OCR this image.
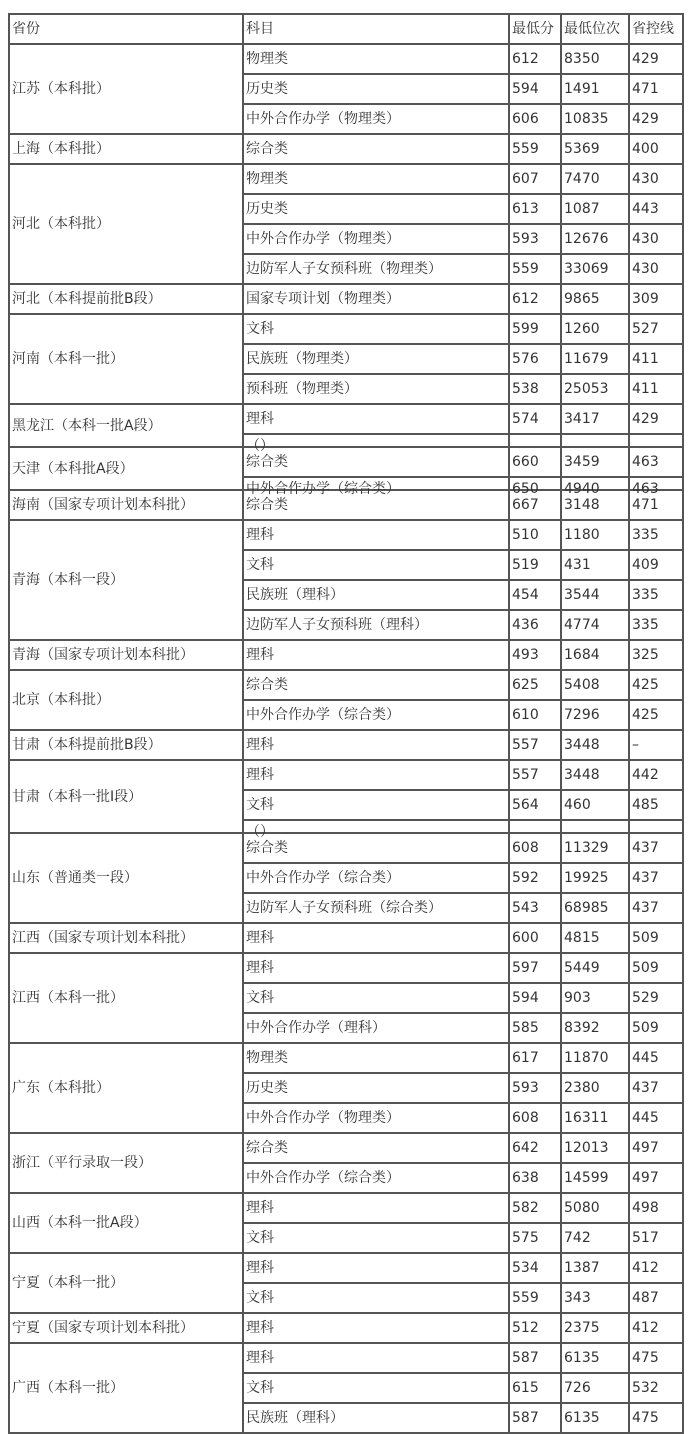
省份	科目	最低分	最低位次	省控线
江苏（本科批）	物理类	612	8350	429

	历史类	594	1491	471

	中外合作办学（物理类）	606	10835	429

上海（本科批）	综合类	559	5369	400

河北（本科批）	物理类	607	7470	430

	历史类	613	1087	443

	中外合作办学（物理类）	593	12676	430

	边防军人子女预科班（物理类）	559	33069	430

河北（本科提前批B段）	国家专项计划（物理类）	612	9865	309

河南（本科一批）	文科	599	1260	527

	民族班（物理类）	576	11679	411

	预科班（物理类）	538	25053	411

黑龙江（本科一批A段）	理科	574	3417	429

	（）			

天津（本科批A段）	综合类	660	3459	463

	中外合作办学（综合类）	650	4940	463

海南（国家专项计划本科批）	综合类	667	3148	471

青海（本科一段）	理科	510	1180	335

	文科	519	431	409

	民族班（理科）	454	3544	335

	边防军人子女预科班（理科）	436	4774	335

青海（国家专项计划本科批）	理科	493	1684	325

北京（本科批）	综合类	625	5408	425

	中外合作办学（综合类）	610	7296	425

甘肃（本科提前批B段）	理科	557	3448	–

甘肃（本科一批I段）	理科	557	3448	442

	文科	564	460	485

	（）			

山东（普通类一段）	综合类	608	11329	437

	中外合作办学（综合类）	592	19925	437

	边防军人子女预科班（综合类）	543	68985	437

江西（国家专项计划本科批）	理科	600	4815	509

江西（本科一批）	理科	597	5449	509

	文科	594	903	529

	中外合作办学（理科）	585	8392	509

广东（本科批）	物理类	617	11870	445

	历史类	593	2380	437

	中外合作办学（物理类）	608	16311	445

浙江（平行录取一段）	综合类	642	12013	497

	中外合作办学（综合类）	638	14599	497

山西（本科一批A段）	理科	582	5080	498

	文科	575	742	517

宁夏（本科一批）	理科	534	1387	412

	文科	559	343	487

宁夏（国家专项计划本科批）	理科	512	2375	412

广西（本科一批）	理科	587	6135	475

	文科	615	726	532

	民族班（理科）	587	6135	475
